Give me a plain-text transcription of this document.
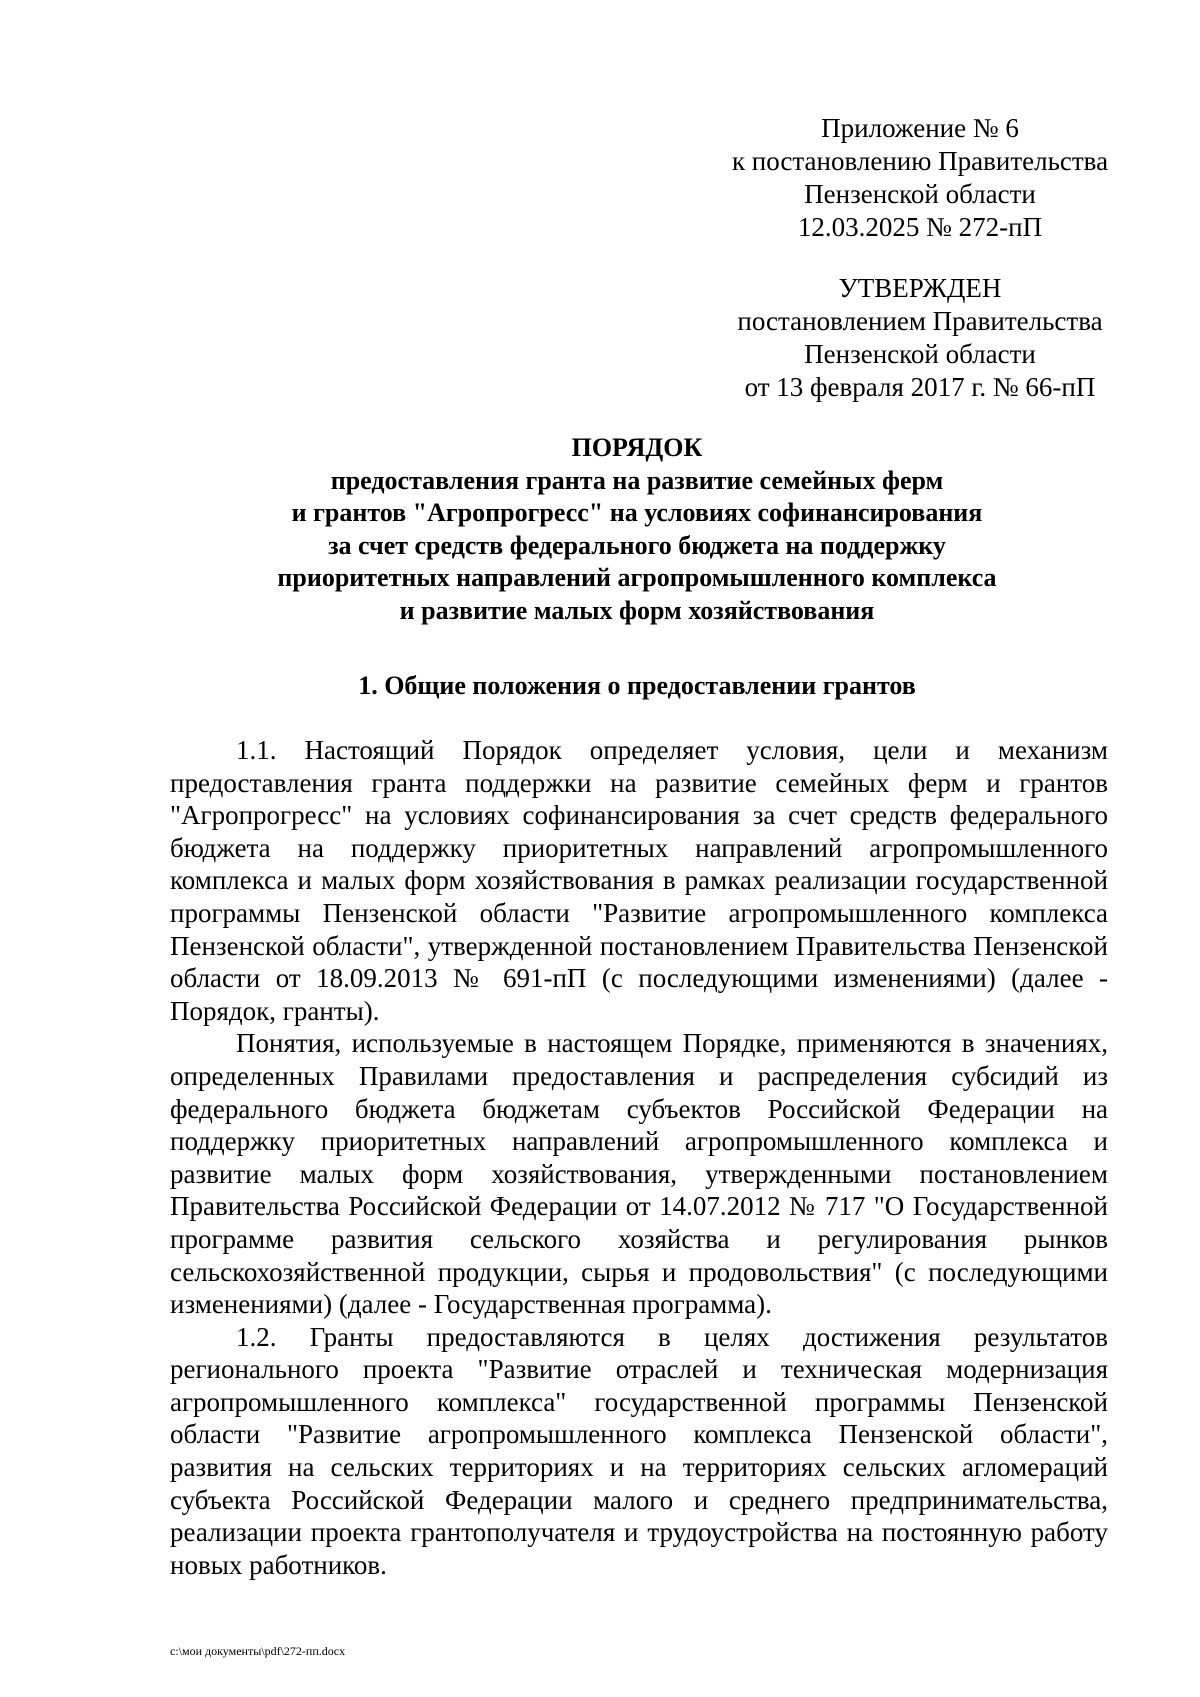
Приложение № 6
к постановлению Правительства
Пензенской области
12.03.2025 № 272-пП
УТВЕРЖДЕН
постановлением Правительства
Пензенской области
от 13 февраля 2017 г. № 66-пП
ПОРЯДОК
предоставления гранта на развитие семейных ферм
и грантов "Агропрогресс" на условиях софинансирования
за счет средств федерального бюджета на поддержку
приоритетных направлений агропромышленного комплекса
и развитие малых форм хозяйствования
1. Общие положения о предоставлении грантов

1.1. Настоящий Порядок определяет условия, цели и механизм предоставления гранта поддержки на развитие семейных ферм и грантов "Агропрогресс" на условиях софинансирования за счет средств федерального бюджета на поддержку приоритетных направлений агропромышленного комплекса и малых форм хозяйствования в рамках реализации государственной программы Пензенской области "Развитие агропромышленного комплекса Пензенской области", утвержденной постановлением Правительства Пензенской области от 18.09.2013 № 691-пП (с последующими изменениями) (далее - Порядок, гранты).

Понятия, используемые в настоящем Порядке, применяются в значениях, определенных Правилами предоставления и распределения субсидий из федерального бюджета бюджетам субъектов Российской Федерации на поддержку приоритетных направлений агропромышленного комплекса и развитие малых форм хозяйствования, утвержденными постановлением Правительства Российской Федерации от 14.07.2012 № 717 "О Государственной программе развития сельского хозяйства и регулирования рынков сельскохозяйственной продукции, сырья и продовольствия" (с последующими изменениями) (далее - Государственная программа).

1.2. Гранты предоставляются в целях достижения результатов регионального проекта "Развитие отраслей и техническая модернизация агропромышленного комплекса" государственной программы Пензенской области "Развитие агропромышленного комплекса Пензенской области", развития на сельских территориях и на территориях сельских агломераций субъекта Российской Федерации малого и среднего предпринимательства, реализации проекта грантополучателя и трудоустройства на постоянную работу новых работников.

c:\мои документы\pdf\272-пп.docx
